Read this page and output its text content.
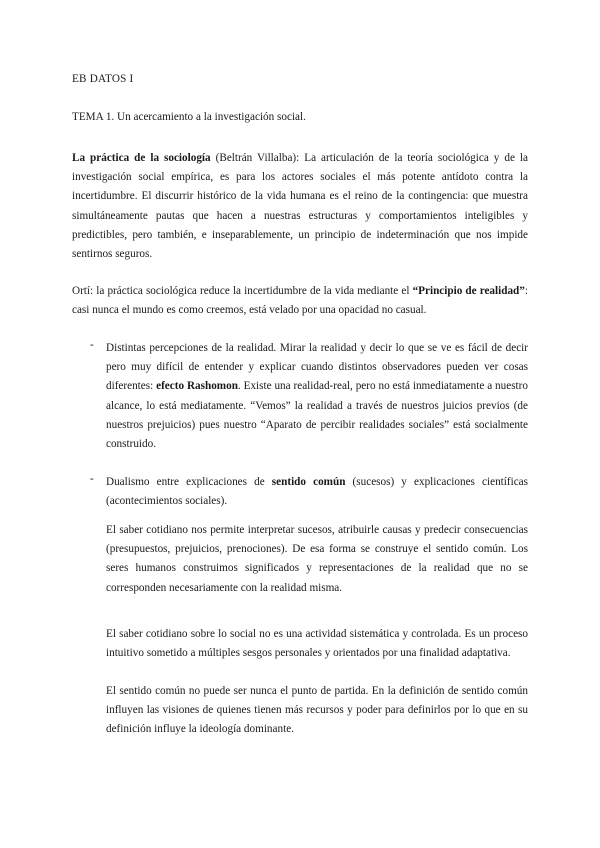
EB DATOS I

TEMA 1. Un acercamiento a la investigación social.

La práctica de la sociología (Beltrán Villalba): La articulación de la teoría sociológica y de la investigación social empírica, es para los actores sociales el más potente antídoto contra la incertidumbre. El discurrir histórico de la vida humana es el reino de la contingencia: que muestra simultáneamente pautas que hacen a nuestras estructuras y comportamientos inteligibles y predictibles, pero también, e inseparablemente, un principio de indeterminación que nos impide sentirnos seguros.

Ortí: la práctica sociológica reduce la incertidumbre de la vida mediante el “Principio de realidad”: casi nunca el mundo es como creemos, está velado por una opacidad no casual.

- Distintas percepciones de la realidad. Mirar la realidad y decir lo que se ve es fácil de decir pero muy difícil de entender y explicar cuando distintos observadores pueden ver cosas diferentes: efecto Rashomon. Existe una realidad-real, pero no está inmediatamente a nuestro alcance, lo está mediatamente. “Vemos” la realidad a través de nuestros juicios previos (de nuestros prejuicios) pues nuestro “Aparato de percibir realidades sociales” está socialmente construido.

- Dualismo entre explicaciones de sentido común (sucesos) y explicaciones científicas (acontecimientos sociales).

El saber cotidiano nos permite interpretar sucesos, atribuirle causas y predecir consecuencias (presupuestos, prejuicios, prenociones). De esa forma se construye el sentido común. Los seres humanos construimos significados y representaciones de la realidad que no se corresponden necesariamente con la realidad misma.

El saber cotidiano sobre lo social no es una actividad sistemática y controlada. Es un proceso intuitivo sometido a múltiples sesgos personales y orientados por una finalidad adaptativa.

El sentido común no puede ser nunca el punto de partida. En la definición de sentido común influyen las visiones de quienes tienen más recursos y poder para definirlos por lo que en su definición influye la ideología dominante.
